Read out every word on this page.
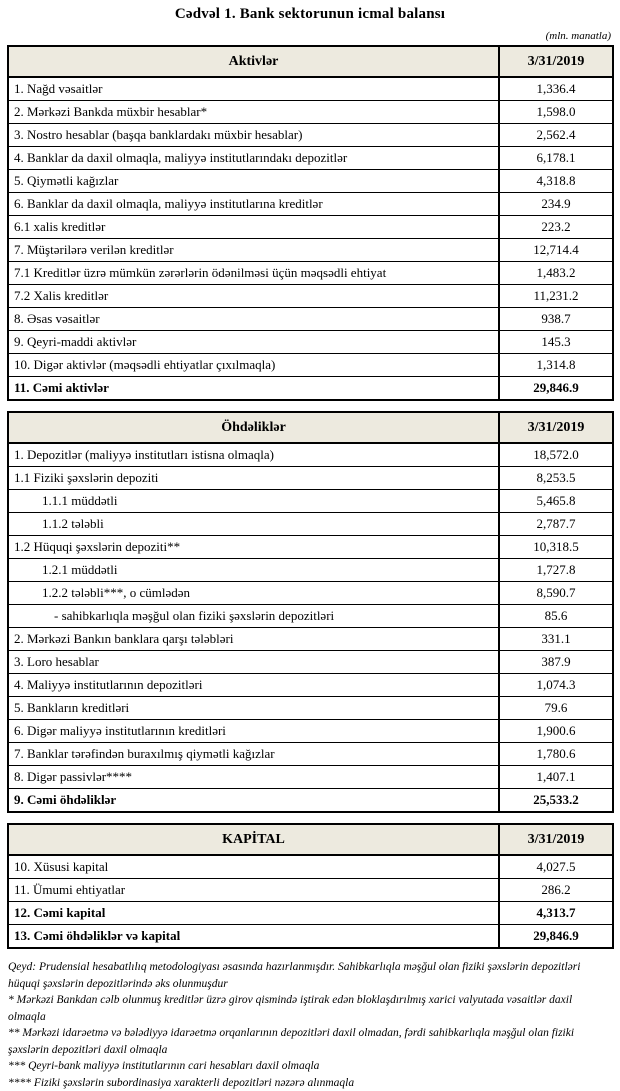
Cədvəl 1. Bank sektorunun icmal balansı
(mln. manatla)
Aktivlər	3/31/2019
1. Nağd vəsaitlər	1,336.4
2. Mərkəzi Bankda müxbir hesablar*	1,598.0
3. Nostro hesablar (başqa banklardakı müxbir hesablar)	2,562.4
4. Banklar da daxil olmaqla, maliyyə institutlarındakı depozitlər	6,178.1
5. Qiymətli kağızlar	4,318.8
6. Banklar da daxil olmaqla, maliyyə institutlarına kreditlər	234.9
6.1 xalis kreditlər	223.2
7. Müştərilərə verilən kreditlər	12,714.4
7.1 Kreditlər üzrə mümkün zərərlərin ödənilməsi üçün məqsədli ehtiyat	1,483.2
7.2 Xalis kreditlər	11,231.2
8. Əsas vəsaitlər	938.7
9. Qeyri-maddi aktivlər	145.3
10. Digər aktivlər (məqsədli ehtiyatlar çıxılmaqla)	1,314.8
11. Cəmi aktivlər	29,846.9
Öhdəliklər	3/31/2019
1. Depozitlər (maliyyə institutları istisna olmaqla)	18,572.0
1.1 Fiziki şəxslərin depoziti	8,253.5
1.1.1 müddətli	5,465.8
1.1.2 tələbli	2,787.7
1.2 Hüquqi şəxslərin depoziti**	10,318.5
1.2.1 müddətli	1,727.8
1.2.2 tələbli***, o cümlədən	8,590.7
- sahibkarlıqla məşğul olan fiziki şəxslərin depozitləri	85.6
2. Mərkəzi Bankın banklara qarşı tələbləri	331.1
3. Loro hesablar	387.9
4. Maliyyə institutlarının depozitləri	1,074.3
5. Bankların kreditləri	79.6
6. Digər maliyyə institutlarının kreditləri	1,900.6
7. Banklar tərəfindən buraxılmış qiymətli kağızlar	1,780.6
8. Digər passivlər****	1,407.1
9. Cəmi öhdəliklər	25,533.2
KAPİTAL	3/31/2019
10. Xüsusi kapital	4,027.5
11. Ümumi ehtiyatlar	286.2
12. Cəmi kapital	4,313.7
13. Cəmi öhdəliklər və kapital	29,846.9

Qeyd: Prudensial hesabatlılıq metodologiyası əsasında hazırlanmışdır. Sahibkarlıqla məşğul olan fiziki şəxslərin depozitləri hüquqi şəxslərin depozitlərində əks olunmuşdur

* Mərkəzi Bankdan cəlb olunmuş kreditlər üzrə girov qismində iştirak edən bloklaşdırılmış xarici valyutada vəsaitlər daxil olmaqla

** Mərkəzi idarəetmə və bələdiyyə idarəetmə orqanlarının depozitləri daxil olmadan, fərdi sahibkarlıqla məşğul olan fiziki şəxslərin depozitləri daxil olmaqla

*** Qeyri-bank maliyyə institutlarının cari hesabları daxil olmaqla

**** Fiziki şəxslərin subordinasiya xarakterli depozitləri nəzərə alınmaqla
